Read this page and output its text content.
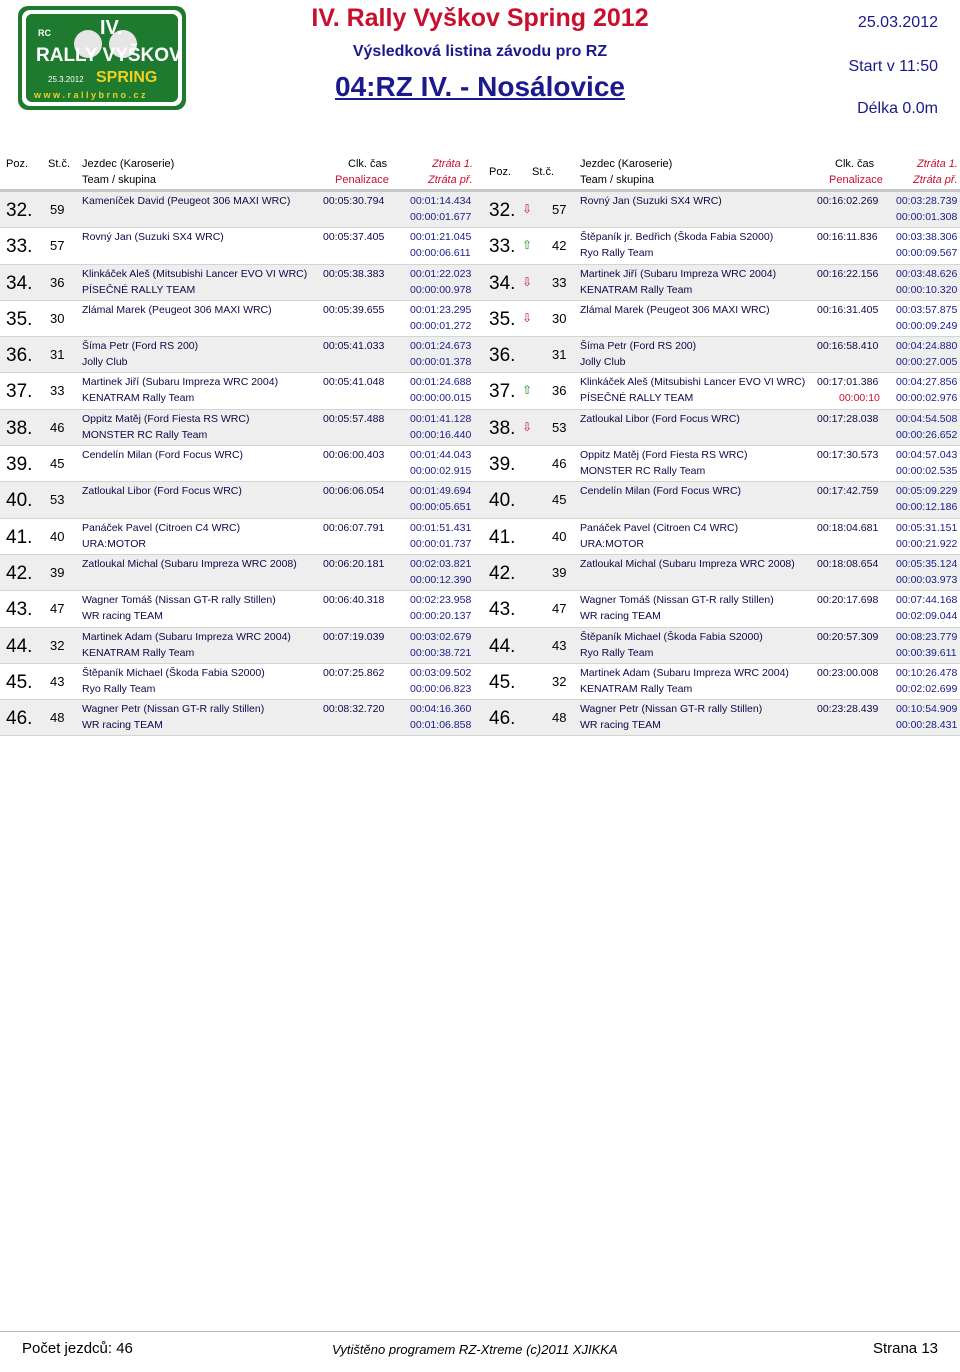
RC IV.
RALLY VYŠKOV
SPRING
25.3.2012
w w w . r a l l y b r n o . c z
IV. Rally Vyškov Spring 2012
Výsledková listina závodu pro RZ
04:RZ IV. - Nosálovice
25.03.2012
Start v 11:50
Délka 0.0m
Poz. St.č. Jezdec (Karoserie)
Team / skupina
Clk. čas
Penalizace
Ztráta 1.
Ztráta př.
Poz. St.č.
Jezdec (Karoserie)
Team / skupina
Clk. čas
Penalizace
Ztráta 1.
Ztráta př.
32. 59
Kameníček David (Peugeot 306 MAXI WRC)	00:05:30.794 00:01:14.434
00:00:01.677
33. 57
Rovný Jan (Suzuki SX4 WRC)	00:05:37.405 00:01:21.045
00:00:06.611
34. 36
Klinkáček Aleš (Mitsubishi Lancer EVO VI WRC)
PÍSEČNÉ RALLY TEAM
00:05:38.383 00:01:22.023
00:00:00.978
35. 30
Zlámal Marek (Peugeot 306 MAXI WRC)	00:05:39.655 00:01:23.295
00:00:01.272
36. 31
Šíma Petr (Ford RS 200)
Jolly Club
00:05:41.033 00:01:24.673
00:00:01.378
37. 33
Martinek Jiří (Subaru Impreza WRC 2004)
KENATRAM Rally Team
00:05:41.048 00:01:24.688
00:00:00.015
38. 46
Oppitz Matěj (Ford Fiesta RS WRC)
MONSTER RC Rally Team
00:05:57.488 00:01:41.128
00:00:16.440
39. 45
Cendelín Milan (Ford Focus WRC)	00:06:00.403 00:01:44.043
00:00:02.915
40. 53
Zatloukal Libor (Ford Focus WRC)	00:06:06.054 00:01:49.694
00:00:05.651
41. 40
Panáček Pavel (Citroen C4 WRC)
URA:MOTOR
00:06:07.791 00:01:51.431
00:00:01.737
42. 39
Zatloukal Michal (Subaru Impreza WRC 2008)	00:06:20.181 00:02:03.821
00:00:12.390
43. 47
Wagner Tomáš (Nissan GT-R rally Stillen)
WR racing TEAM
00:06:40.318 00:02:23.958
00:00:20.137
44. 32
Martinek Adam (Subaru Impreza WRC 2004)
KENATRAM Rally Team
00:07:19.039 00:03:02.679
00:00:38.721
45. 43
Štěpaník Michael (Škoda Fabia S2000)
Ryo Rally Team
00:07:25.862 00:03:09.502
00:00:06.823
46. 48
Wagner Petr (Nissan GT-R rally Stillen)
WR racing TEAM
00:08:32.720 00:04:16.360
00:01:06.858
32.	57
Rovný Jan (Suzuki SX4 WRC)	00:16:02.269 00:03:28.739
00:00:01.308
⇩
33.	42
Štěpaník jr. Bedřich (Škoda Fabia S2000)
Ryo Rally Team
00:16:11.836 00:03:38.306
00:00:09.567
⇧
34.	33
Martinek Jiří (Subaru Impreza WRC 2004)
KENATRAM Rally Team
00:16:22.156 00:03:48.626
00:00:10.320
⇩
35.	30
Zlámal Marek (Peugeot 306 MAXI WRC)	00:16:31.405 00:03:57.875
00:00:09.249
⇩
36.	31
Šíma Petr (Ford RS 200)
Jolly Club
00:16:58.410 00:04:24.880
00:00:27.005
37.	36
Klinkáček Aleš (Mitsubishi Lancer EVO VI WRC)
PÍSEČNÉ RALLY TEAM
00:17:01.386
00:00:10
00:04:27.856
00:00:02.976
⇧
38.	53
Zatloukal Libor (Ford Focus WRC)	00:17:28.038 00:04:54.508
00:00:26.652
⇩
39.	46
Oppitz Matěj (Ford Fiesta RS WRC)
MONSTER RC Rally Team
00:17:30.573 00:04:57.043
00:00:02.535
40.	45
Cendelín Milan (Ford Focus WRC)	00:17:42.759 00:05:09.229
00:00:12.186
41.	40
Panáček Pavel (Citroen C4 WRC)
URA:MOTOR
00:18:04.681 00:05:31.151
00:00:21.922
42.	39
Zatloukal Michal (Subaru Impreza WRC 2008) 00:18:08.654 00:05:35.124
00:00:03.973
43.	47
Wagner Tomáš (Nissan GT-R rally Stillen)
WR racing TEAM
00:20:17.698 00:07:44.168
00:02:09.044
44.	43
Štěpaník Michael (Škoda Fabia S2000)
Ryo Rally Team
00:20:57.309 00:08:23.779
00:00:39.611
45.	32
Martinek Adam (Subaru Impreza WRC 2004)
KENATRAM Rally Team
00:23:00.008 00:10:26.478
00:02:02.699
46.	48
Wagner Petr (Nissan GT-R rally Stillen)
WR racing TEAM
00:23:28.439 00:10:54.909
00:00:28.431
Počet jezdců: 46	Vytištěno programem RZ-Xtreme (c)2011 XJIKKA	Strana 13
